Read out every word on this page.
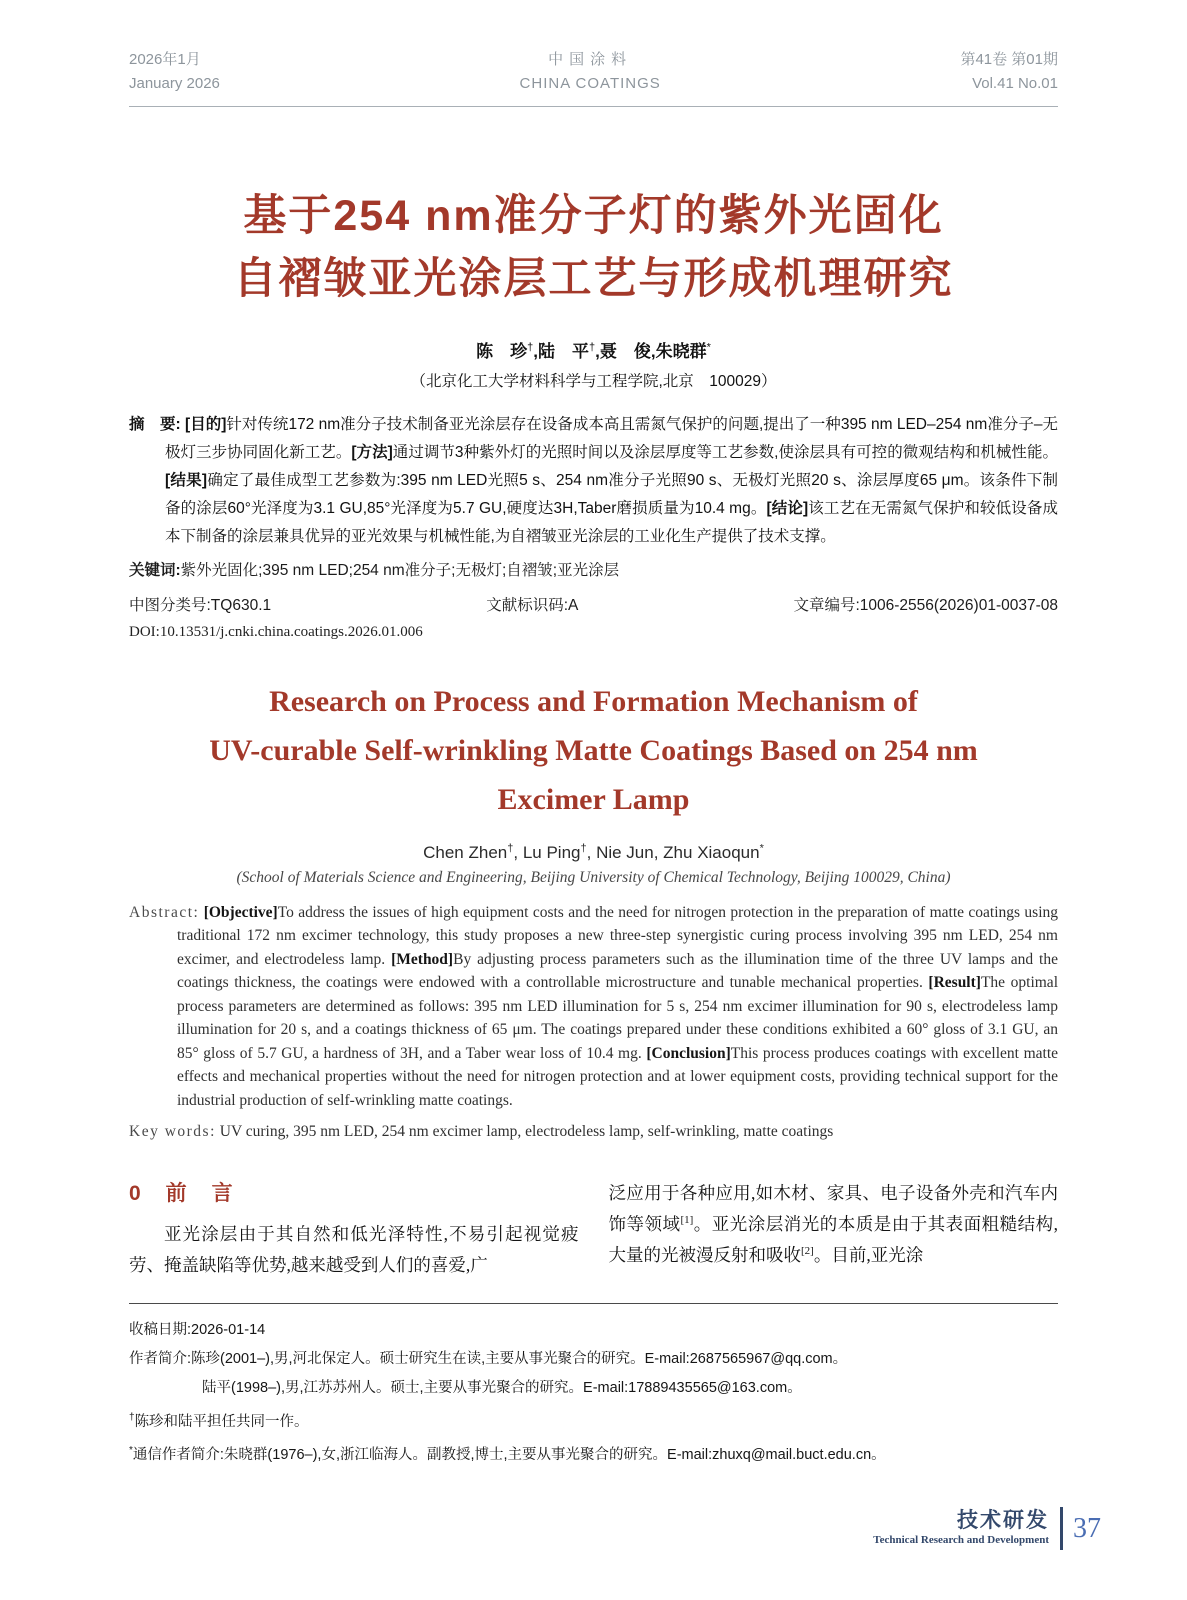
2026年1月
January 2026
中国涂料
CHINA COATINGS
第41卷 第01期
Vol.41 No.01
基于254 nm准分子灯的紫外光固化
自褶皱亚光涂层工艺与形成机理研究
陈　珍†,陆　平†,聂　俊,朱晓群*
（北京化工大学材料科学与工程学院,北京　100029）

摘　要: [目的]针对传统172 nm准分子技术制备亚光涂层存在设备成本高且需氮气保护的问题,提出了一种395 nm LED–254 nm准分子–无极灯三步协同固化新工艺。[方法]通过调节3种紫外灯的光照时间以及涂层厚度等工艺参数,使涂层具有可控的微观结构和机械性能。[结果]确定了最佳成型工艺参数为:395 nm LED光照5 s、254 nm准分子光照90 s、无极灯光照20 s、涂层厚度65 μm。该条件下制备的涂层60°光泽度为3.1 GU,85°光泽度为5.7 GU,硬度达3H,Taber磨损质量为10.4 mg。[结论]该工艺在无需氮气保护和较低设备成本下制备的涂层兼具优异的亚光效果与机械性能,为自褶皱亚光涂层的工业化生产提供了技术支撑。

关键词:紫外光固化;395 nm LED;254 nm准分子;无极灯;自褶皱;亚光涂层

中图分类号:TQ630.1	文献标识码:A	文章编号:1006-2556(2026)01-0037-08
DOI:10.13531/j.cnki.china.coatings.2026.01.006
Research on Process and Formation Mechanism of
UV-curable Self-wrinkling Matte Coatings Based on 254 nm
Excimer Lamp
Chen Zhen†, Lu Ping†, Nie Jun, Zhu Xiaoqun*
(School of Materials Science and Engineering, Beijing University of Chemical Technology, Beijing 100029, China)

Abstract: [Objective]To address the issues of high equipment costs and the need for nitrogen protection in the preparation of matte coatings using traditional 172 nm excimer technology, this study proposes a new three-step synergistic curing process involving 395 nm LED, 254 nm excimer, and electrodeless lamp. [Method]By adjusting process parameters such as the illumination time of the three UV lamps and the coatings thickness, the coatings were endowed with a controllable microstructure and tunable mechanical properties. [Result]The optimal process parameters are determined as follows: 395 nm LED illumination for 5 s, 254 nm excimer illumination for 90 s, electrodeless lamp illumination for 20 s, and a coatings thickness of 65 μm. The coatings prepared under these conditions exhibited a 60° gloss of 3.1 GU, an 85° gloss of 5.7 GU, a hardness of 3H, and a Taber wear loss of 10.4 mg. [Conclusion]This process produces coatings with excellent matte effects and mechanical properties without the need for nitrogen protection and at lower equipment costs, providing technical support for the industrial production of self-wrinkling matte coatings.

Key words: UV curing, 395 nm LED, 254 nm excimer lamp, electrodeless lamp, self-wrinkling, matte coatings

0　前　言

亚光涂层由于其自然和低光泽特性,不易引起视觉疲劳、掩盖缺陷等优势,越来越受到人们的喜爱,广

泛应用于各种应用,如木材、家具、电子设备外壳和汽车内饰等领域[1]。亚光涂层消光的本质是由于其表面粗糙结构,大量的光被漫反射和吸收[2]。目前,亚光涂

收稿日期:2026-01-14
作者简介:陈珍(2001–),男,河北保定人。硕士研究生在读,主要从事光聚合的研究。E-mail:2687565967@qq.com。
陆平(1998–),男,江苏苏州人。硕士,主要从事光聚合的研究。E-mail:17889435565@163.com。
†陈珍和陆平担任共同一作。
*通信作者简介:朱晓群(1976–),女,浙江临海人。副教授,博士,主要从事光聚合的研究。E-mail:zhuxq@mail.buct.edu.cn。
技术研发
Technical Research and Development 37
